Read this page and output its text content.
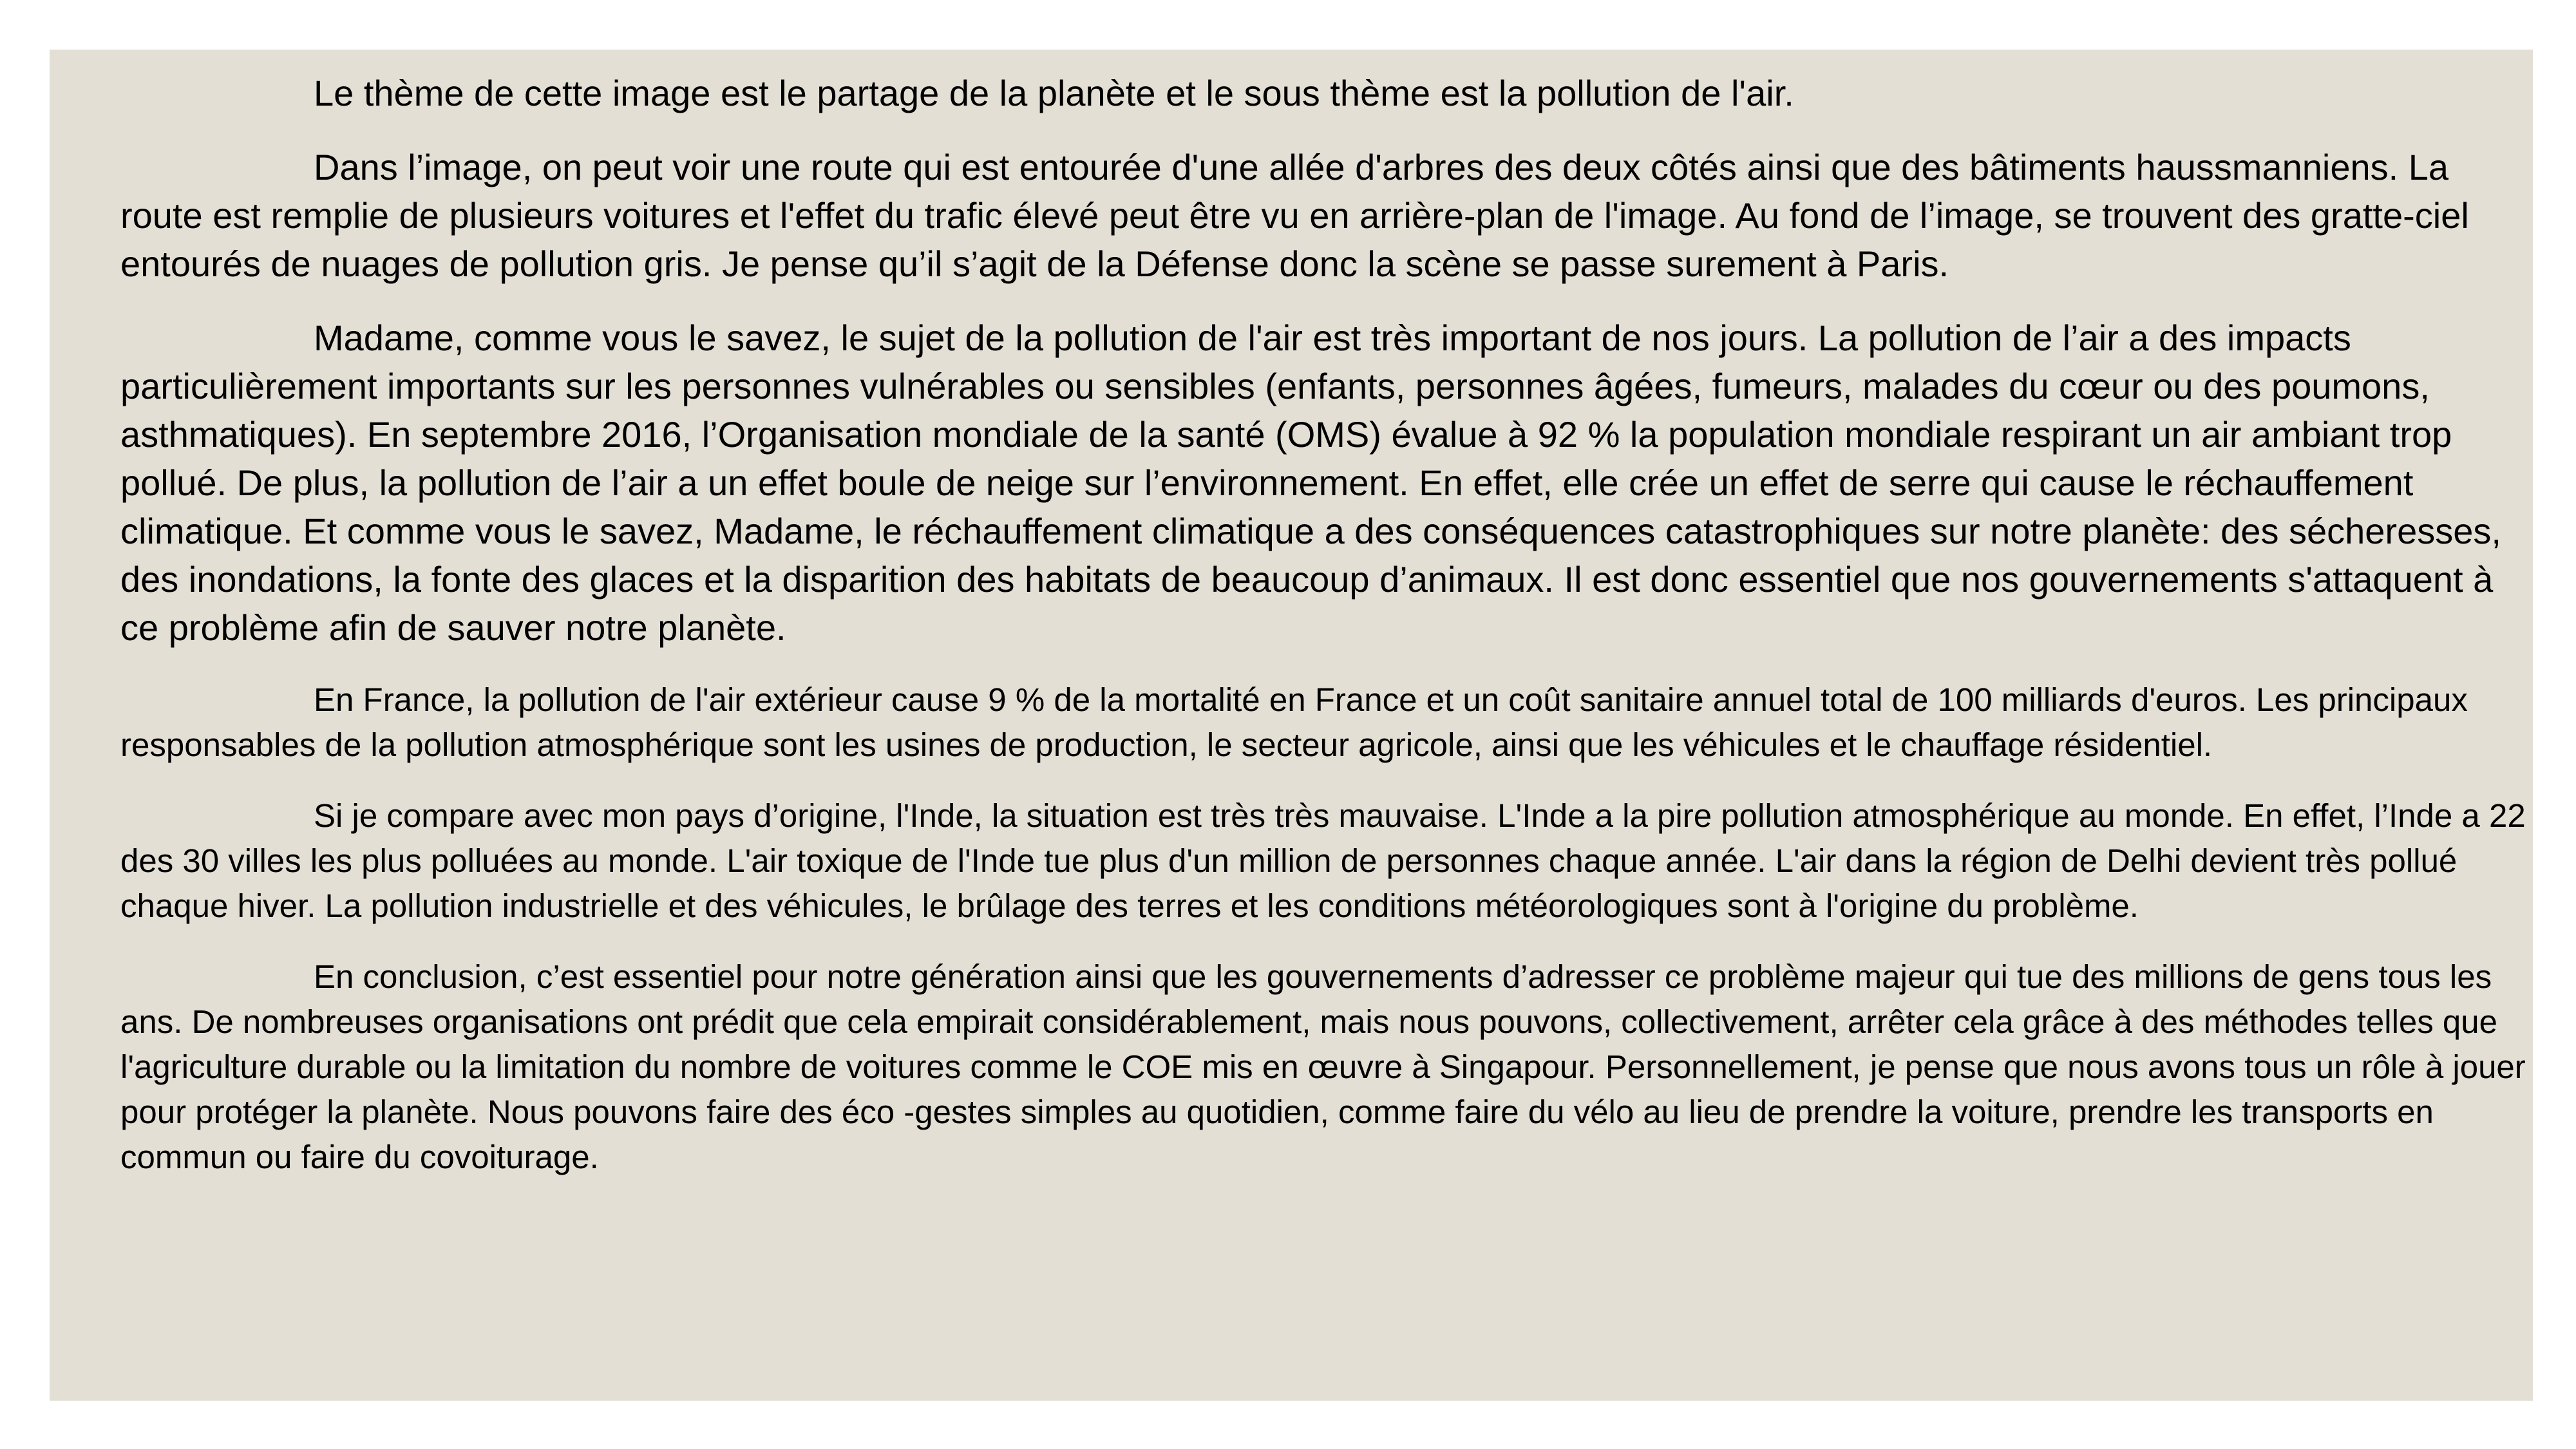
Le thème de cette image est le partage de la planète et le sous thème est la pollution de l'air.

Dans l’image, on peut voir une route qui est entourée d'une allée d'arbres des deux côtés ainsi que des bâtiments haussmanniens. La route est remplie de plusieurs voitures et l'effet du trafic élevé peut être vu en arrière-plan de l'image. Au fond de l’image, se trouvent des gratte-ciel entourés de nuages de pollution gris. Je pense qu’il s’agit de la Défense donc la scène se passe surement à Paris.

Madame, comme vous le savez, le sujet de la pollution de l'air est très important de nos jours. La pollution de l’air a des impacts particulièrement importants sur les personnes vulnérables ou sensibles (enfants, personnes âgées, fumeurs, malades du cœur ou des poumons, asthmatiques). En septembre 2016, l’Organisation mondiale de la santé (OMS) évalue à 92 % la population mondiale respirant un air ambiant trop pollué. De plus, la pollution de l’air a un effet boule de neige sur l’environnement. En effet, elle crée un effet de serre qui cause le réchauffement climatique. Et comme vous le savez, Madame, le réchauffement climatique a des conséquences catastrophiques sur notre planète: des sécheresses, des inondations, la fonte des glaces et la disparition des habitats de beaucoup d’animaux. Il est donc essentiel que nos gouvernements s'attaquent à ce problème afin de sauver notre planète.

En France, la pollution de l'air extérieur cause 9 % de la mortalité en France et un coût sanitaire annuel total de 100 milliards d'euros. Les principaux responsables de la pollution atmosphérique sont les usines de production, le secteur agricole, ainsi que les véhicules et le chauffage résidentiel.

Si je compare avec mon pays d’origine, l'Inde, la situation est très très mauvaise. L'Inde a la pire pollution atmosphérique au monde. En effet, l’Inde a 22 des 30 villes les plus polluées au monde. L'air toxique de l'Inde tue plus d'un million de personnes chaque année. L'air dans la région de Delhi devient très pollué chaque hiver. La pollution industrielle et des véhicules, le brûlage des terres et les conditions météorologiques sont à l'origine du problème.

En conclusion, c’est essentiel pour notre génération ainsi que les gouvernements d’adresser ce problème majeur qui tue des millions de gens tous les ans. De nombreuses organisations ont prédit que cela empirait considérablement, mais nous pouvons, collectivement, arrêter cela grâce à des méthodes telles que l'agriculture durable ou la limitation du nombre de voitures comme le COE mis en œuvre à Singapour. Personnellement, je pense que nous avons tous un rôle à jouer pour protéger la planète. Nous pouvons faire des éco -gestes simples au quotidien, comme faire du vélo au lieu de prendre la voiture, prendre les transports en commun ou faire du covoiturage.
